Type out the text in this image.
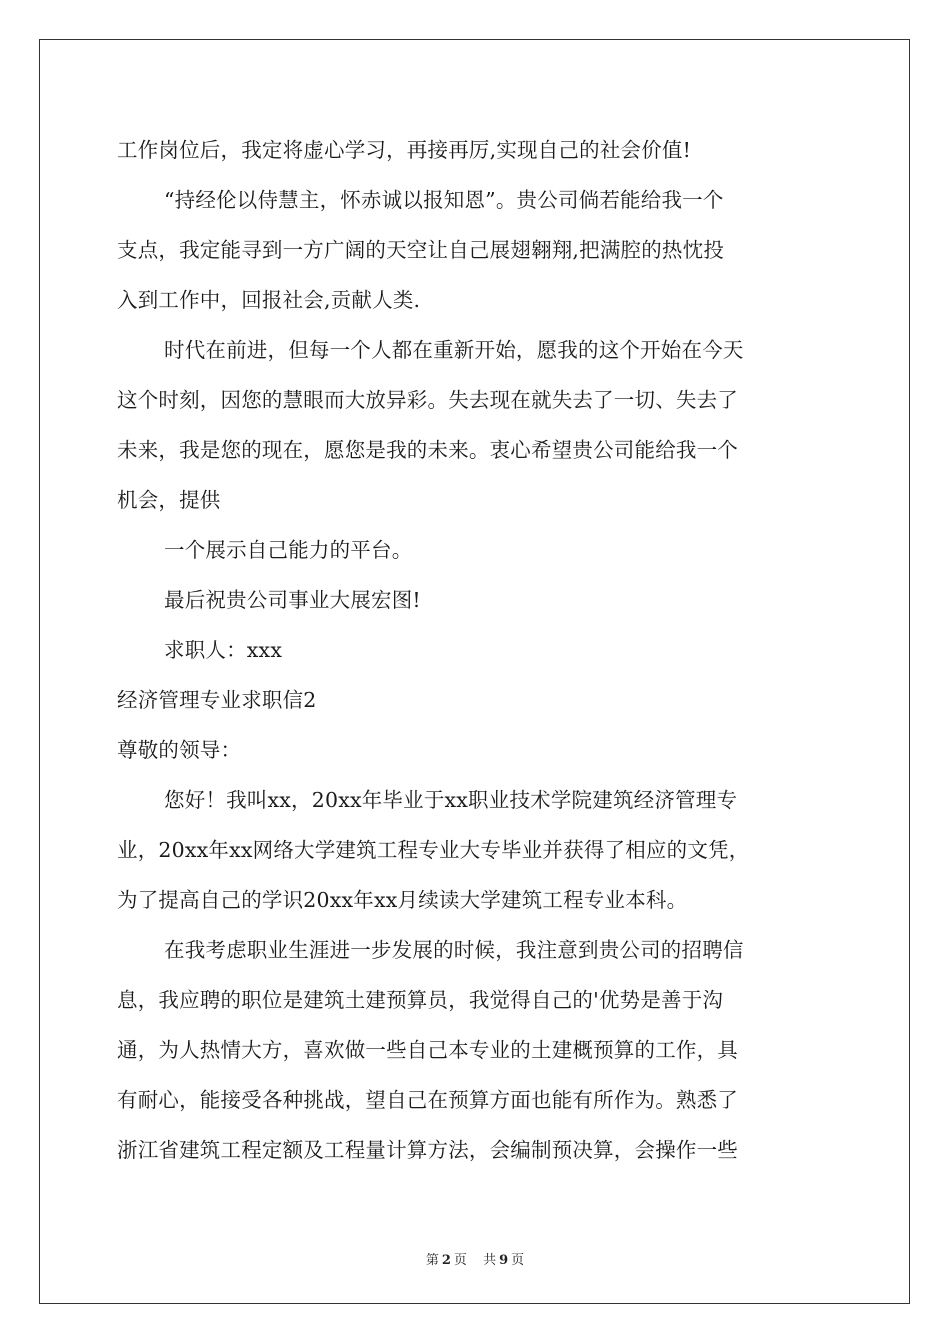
工作岗位后，我定将虚心学习，再接再厉,实现自己的社会价值!
“持经伦以侍慧主，怀赤诚以报知恩”。贵公司倘若能给我一个
支点，我定能寻到一方广阔的天空让自己展翅翱翔,把满腔的热忱投
入到工作中，回报社会,贡献人类.
时代在前进，但每一个人都在重新开始，愿我的这个开始在今天
这个时刻，因您的慧眼而大放异彩。失去现在就失去了一切、失去了
未来，我是您的现在，愿您是我的未来。衷心希望贵公司能给我一个
机会，提供
一个展示自己能力的平台。
最后祝贵公司事业大展宏图!
求职人：xxx
经济管理专业求职信2
尊敬的领导：
您好！我叫xx，20xx年毕业于xx职业技术学院建筑经济管理专
业，20xx年xx网络大学建筑工程专业大专毕业并获得了相应的文凭，
为了提高自己的学识20xx年xx月续读大学建筑工程专业本科。
在我考虑职业生涯进一步发展的时候，我注意到贵公司的招聘信
息，我应聘的职位是建筑土建预算员，我觉得自己的'优势是善于沟
通，为人热情大方，喜欢做一些自己本专业的土建概预算的工作，具
有耐心，能接受各种挑战，望自己在预算方面也能有所作为。熟悉了
浙江省建筑工程定额及工程量计算方法，会编制预决算，会操作一些
第 2 页 共 9 页
